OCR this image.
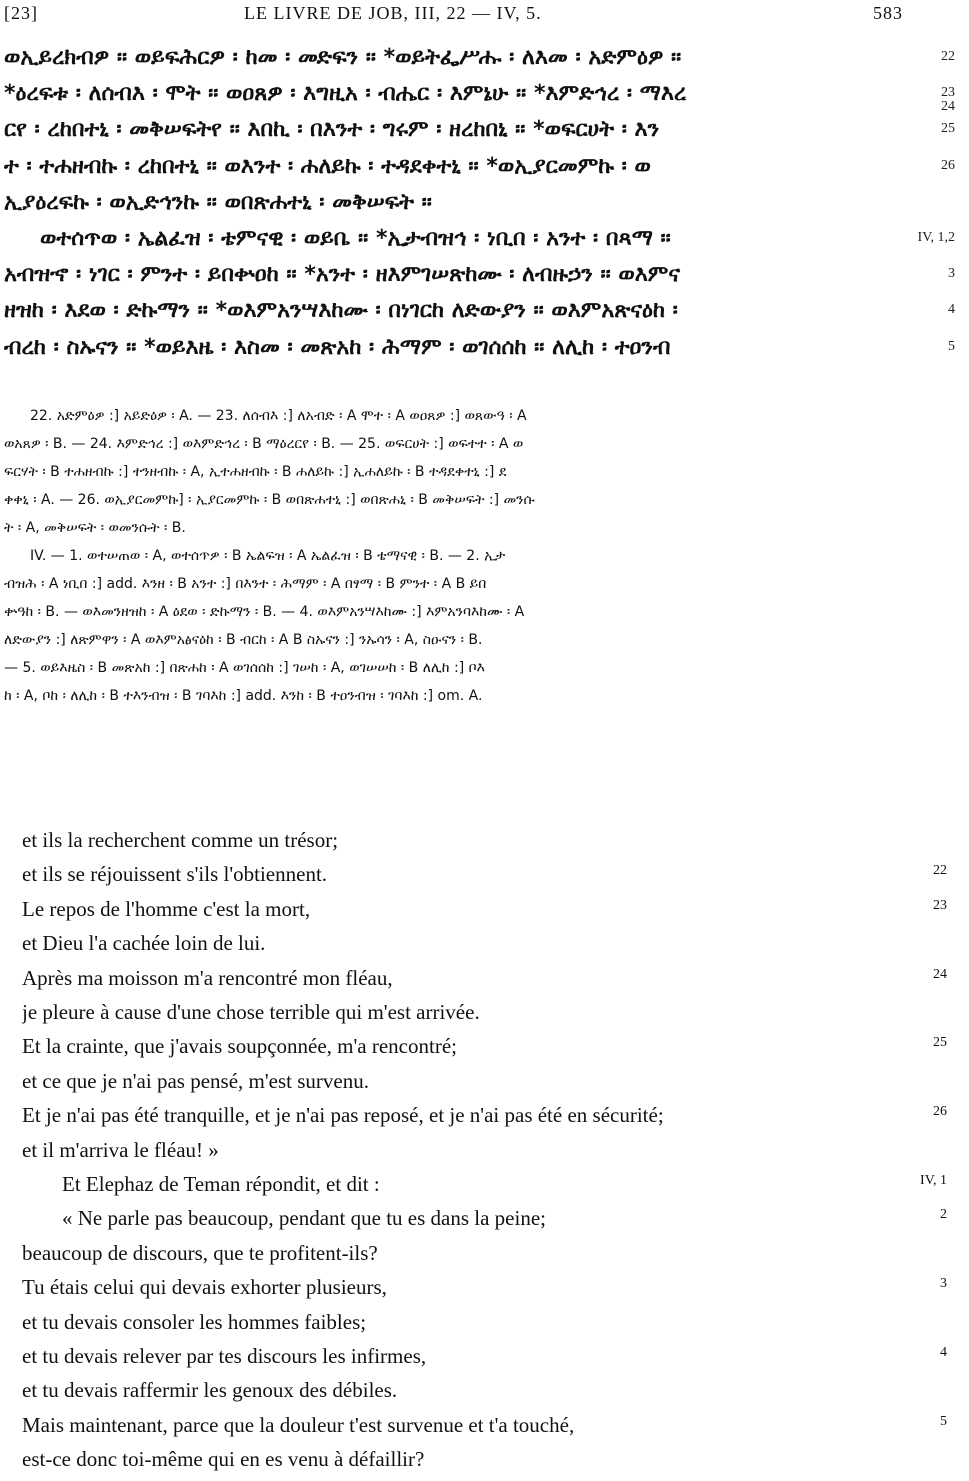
[23]	LE LIVRE DE JOB, III, 22 — IV, 5.	583
ወኢይረክብዎ ። ወይፍሕርዎ ፡ ከመ ፡ መድፍን ። *ወይትፌሥሑ ፡ ለእመ ፡ አድምዕዎ ።	22
*ዕረፍቱ ፡ ለሰብእ ፡ ሞት ። ወዐጸዎ ፡ እግዚአ ፡ ብሔር ፡ እምኔሁ ። *እምድኅረ ፡ ማእረ	23
24
ርየ ፡ ረከበተኒ ፡ መቅሠፍትየ ። እበኪ ፡ በእንተ ፡ ግሩም ፡ ዘረከበኒ ። *ወፍርሀት ፡ እን	25
ተ ፡ ተሐዘብኩ ፡ ረከበተኒ ። ወእንተ ፡ ሐለይኩ ፡ ተዳደቀተኒ ። *ወኢያርመምኩ ፡ ወ	26
ኢያዕረፍኩ ፡ ወኢድኅንኩ ። ወበጽሐተኒ ፡ መቅሠፍት ።
ወተሰጥወ ፡ ኤልፈዝ ፡ ቴምናዊ ፡ ወይቤ ። *ኢታብዝኅ ፡ ነቢበ ፡ አንተ ፡ በጻማ ።	IV, 1,2
አብዝኆ ፡ ነገር ፡ ምንተ ፡ ይበቍዐከ ። *አንተ ፡ ዘእምገሠጽከሙ ፡ ለብዙኃን ። ወእምና	3
ዘዝከ ፡ እደወ ፡ ድኩማን ። *ወእምአንሣእከሙ ፡ በነገርከ ለድውያን ። ወእምአጽናዕከ ፡	4
ብረከ ፡ ስኡናን ። *ወይእዜ ፡ እስመ ፡ መጽአከ ፡ ሕማም ፡ ወገሰሰከ ። ለሊከ ፡ ተዐንብ	5
22. አድምዕዎ :] አይድዕዎ ፡ A. — 23. ለሰብእ :] ለአብድ ፡ A ሞተ ፡ A ወዐጸዎ :] ወጸውዓ ፡ A
ወአጸዎ ፡ B. — 24. እምድኅረ :] ወእምድኅረ ፡ B ማዕረርየ ፡ B. — 25. ወፍርሀት :] ወፍተተ ፡ A ወ
ፍርሃት ፡ B ተሐዘብኩ :] ተንዘብኩ ፡ A, ኢተሐዘብኩ ፡ B ሐለይኩ :] ኢሐለይኩ ፡ B ተዳደቀተኒ :] ደ
ቀቀኒ ፡ A. — 26. ወኢያርመምኩ] ፡ ኢያርመምኩ ፡ B ወበጽሐተኒ :] ወበጽሐኒ ፡ B መቅሠፍት :] መንሱ
ት ፡ A, መቅሠፍት ፡ ወመንሱት ፡ B.
IV. — 1. ወተሠጠወ ፡ A, ወተሰጥዎ ፡ B ኤልፍዝ ፡ A ኤልፈዝ ፡ B ቴማናዊ ፡ B. — 2. ኢታ
ብዝሕ ፡ A ነቢበ :] add. እንዘ ፡ B አንተ :] በእንተ ፡ ሕማም ፡ A በፃማ ፡ B ምንተ ፡ A B ይበ
ቍዓከ ፡ B. — ወእመንዘዝከ ፡ A ዕደወ ፡ ድኩማን ፡ B. — 4. ወእምአንሣእከሙ :] እምአንባእከሙ ፡ A
ለድውያን :] ለጽምዋን ፡ A ወእምአፅናዕከ ፡ B ብርከ ፡ A B ስኡናን :] ንኡሳን ፡ A, ስዑናን ፡ B.
— 5. ወይእዜስ ፡ B መጽአከ :] በጽሐከ ፡ A ወገሰሰከ :] ገሠከ ፡ A, ወገሠሠከ ፡ B ለሊከ :] ቦእ
ከ ፡ A, ቦከ ፡ ለሊከ ፡ B ተእንብዝ ፡ B ገባእከ :] add. እንከ ፡ B ተዐንብዝ ፡ ገባእከ :] om. A.
et ils la recherchent comme un trésor;
et ils se réjouissent s'ils l'obtiennent.	22
Le repos de l'homme c'est la mort,	23
et Dieu l'a cachée loin de lui.
Après ma moisson m'a rencontré mon fléau,	24
je pleure à cause d'une chose terrible qui m'est arrivée.
Et la crainte, que j'avais soupçonnée, m'a rencontré;	25
et ce que je n'ai pas pensé, m'est survenu.
Et je n'ai pas été tranquille, et je n'ai pas reposé, et je n'ai pas été en sécurité;	26
et il m'arriva le fléau! »
Et Elephaz de Teman répondit, et dit :	IV, 1
« Ne parle pas beaucoup, pendant que tu es dans la peine;	2
beaucoup de discours, que te profitent-ils?
Tu étais celui qui devais exhorter plusieurs,	3
et tu devais consoler les hommes faibles;
et tu devais relever par tes discours les infirmes,	4
et tu devais raffermir les genoux des débiles.
Mais maintenant, parce que la douleur t'est survenue et t'a touché,	5
est-ce donc toi-même qui en es venu à défaillir?
